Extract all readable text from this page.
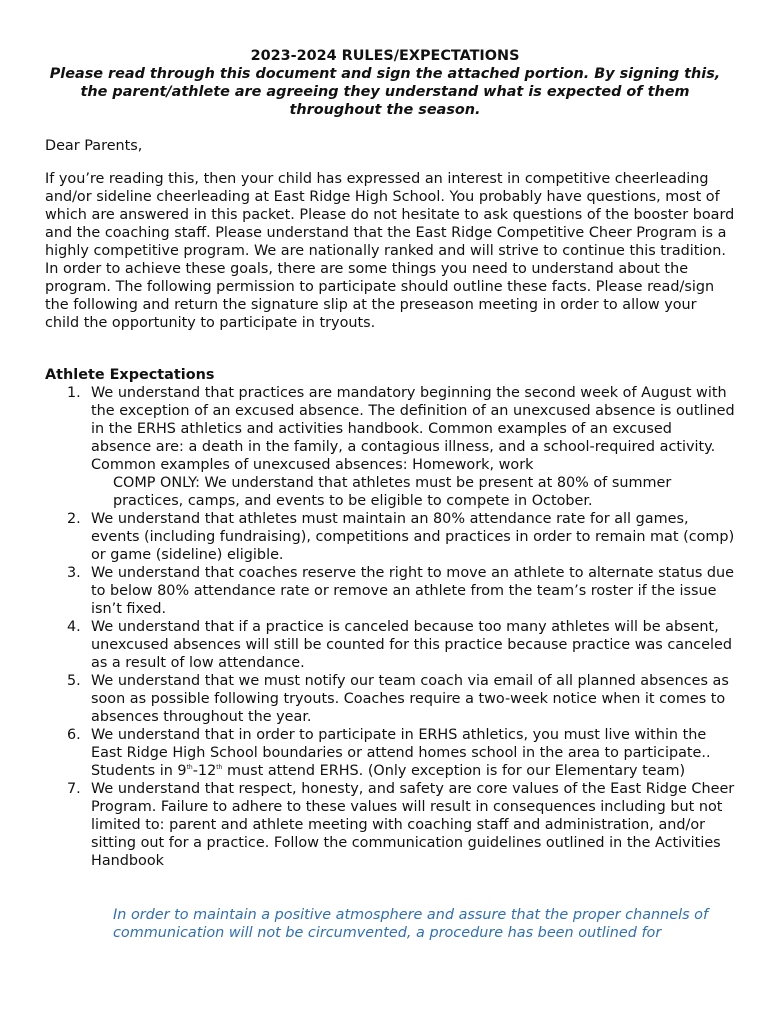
2023-2024 RULES/EXPECTATIONS

Please read through this document and sign the attached portion. By signing this, the parent/athlete are agreeing they understand what is expected of them throughout the season.

Dear Parents,

If you’re reading this, then your child has expressed an interest in competitive cheerleading and/or sideline cheerleading at East Ridge High School. You probably have questions, most of which are answered in this packet. Please do not hesitate to ask questions of the booster board and the coaching staff. Please understand that the East Ridge Competitive Cheer Program is a highly competitive program. We are nationally ranked and will strive to continue this tradition. In order to achieve these goals, there are some things you need to understand about the program. The following permission to participate should outline these facts. Please read/sign the following and return the signature slip at the preseason meeting in order to allow your child the opportunity to participate in tryouts.

Athlete Expectations

1. We understand that practices are mandatory beginning the second week of August with the exception of an excused absence. The definition of an unexcused absence is outlined in the ERHS athletics and activities handbook. Common examples of an excused absence are: a death in the family, a contagious illness, and a school-required activity. Common examples of unexcused absences: Homework, work
COMP ONLY: We understand that athletes must be present at 80% of summer practices, camps, and events to be eligible to compete in October.
2. We understand that athletes must maintain an 80% attendance rate for all games, events (including fundraising), competitions and practices in order to remain mat (comp) or game (sideline) eligible.
3. We understand that coaches reserve the right to move an athlete to alternate status due to below 80% attendance rate or remove an athlete from the team’s roster if the issue isn’t fixed.
4. We understand that if a practice is canceled because too many athletes will be absent, unexcused absences will still be counted for this practice because practice was canceled as a result of low attendance.
5. We understand that we must notify our team coach via email of all planned absences as soon as possible following tryouts. Coaches require a two-week notice when it comes to absences throughout the year.
6. We understand that in order to participate in ERHS athletics, you must live within the East Ridge High School boundaries or attend homes school in the area to participate.. Students in 9th-12th must attend ERHS. (Only exception is for our Elementary team)
7. We understand that respect, honesty, and safety are core values of the East Ridge Cheer Program. Failure to adhere to these values will result in consequences including but not limited to: parent and athlete meeting with coaching staff and administration, and/or sitting out for a practice. Follow the communication guidelines outlined in the Activities Handbook

In order to maintain a positive atmosphere and assure that the proper channels of communication will not be circumvented, a procedure has been outlined for
